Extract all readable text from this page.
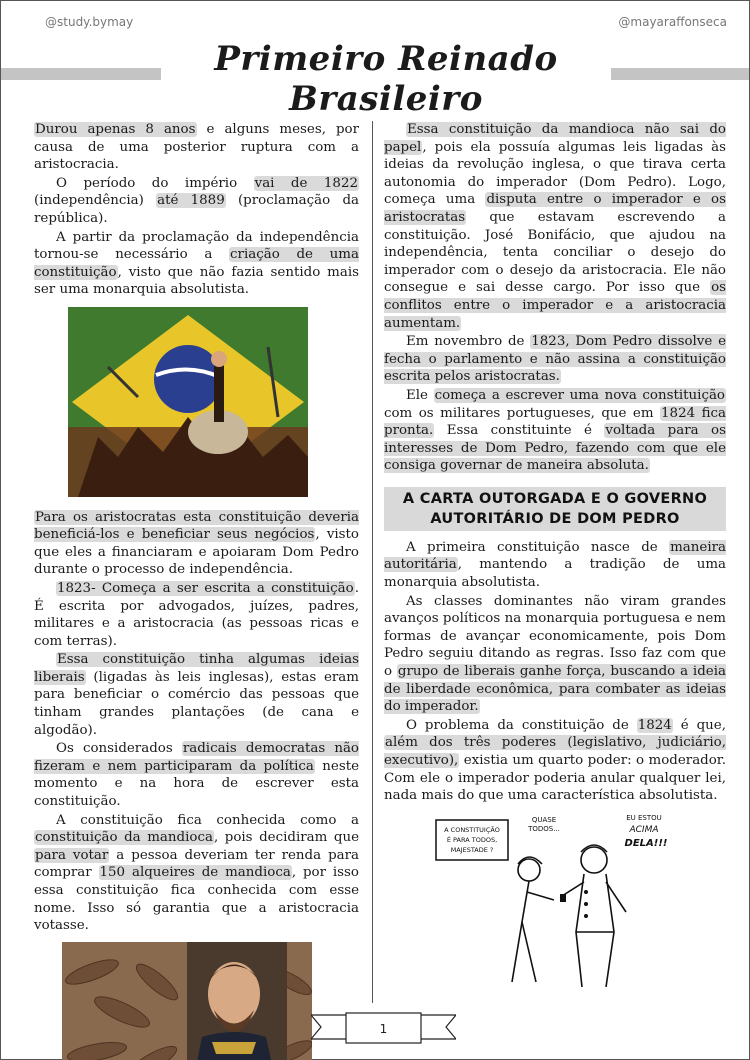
@study.bymay	@mayaraffonseca
Primeiro Reinado Brasileiro

Durou apenas 8 anos e alguns meses, por causa de uma posterior ruptura com a aristocracia.

O período do império vai de 1822 (independência) até 1889 (proclamação da república).

A partir da proclamação da independência tornou-se necessário a criação de uma constituição, visto que não fazia sentido mais ser uma monarquia absolutista.

Para os aristocratas esta constituição deveria beneficiá-los e beneficiar seus negócios, visto que eles a financiaram e apoiaram Dom Pedro durante o processo de independência.

1823- Começa a ser escrita a constituição. É escrita por advogados, juízes, padres, militares e a aristocracia (as pessoas ricas e com terras).

Essa constituição tinha algumas ideias liberais (ligadas às leis inglesas), estas eram para beneficiar o comércio das pessoas que tinham grandes plantações (de cana e algodão).

Os considerados radicais democratas não fizeram e nem participaram da política neste momento e na hora de escrever esta constituição.

A constituição fica conhecida como a constituição da mandioca, pois decidiram que para votar a pessoa deveriam ter renda para comprar 150 alqueires de mandioca, por isso essa constituição fica conhecida com esse nome. Isso só garantia que a aristocracia votasse.

Essa constituição da mandioca não sai do papel, pois ela possuía algumas leis ligadas às ideias da revolução inglesa, o que tirava certa autonomia do imperador (Dom Pedro). Logo, começa uma disputa entre o imperador e os aristocratas que estavam escrevendo a constituição. José Bonifácio, que ajudou na independência, tenta conciliar o desejo do imperador com o desejo da aristocracia. Ele não consegue e sai desse cargo. Por isso que os conflitos entre o imperador e a aristocracia aumentam.

Em novembro de 1823, Dom Pedro dissolve e fecha o parlamento e não assina a constituição escrita pelos aristocratas.

Ele começa a escrever uma nova constituição com os militares portugueses, que em 1824 fica pronta. Essa constituinte é voltada para os interesses de Dom Pedro, fazendo com que ele consiga governar de maneira absoluta.

A CARTA OUTORGADA E O GOVERNO AUTORITÁRIO DE DOM PEDRO

A primeira constituição nasce de maneira autoritária, mantendo a tradição de uma monarquia absolutista.

As classes dominantes não viram grandes avanços políticos na monarquia portuguesa e nem formas de avançar economicamente, pois Dom Pedro seguiu ditando as regras. Isso faz com que o grupo de liberais ganhe força, buscando a ideia de liberdade econômica, para combater as ideias do imperador.

O problema da constituição de 1824 é que, além dos três poderes (legislativo, judiciário, executivo), existia um quarto poder: o moderador. Com ele o imperador poderia anular qualquer lei, nada mais do que uma característica absolutista.

A CONSTITUIÇÃO É PARA TODOS, MAJESTADE ?
QUASE
TODOS...
EU ESTOU
ACIMA
DELA!!!
1
